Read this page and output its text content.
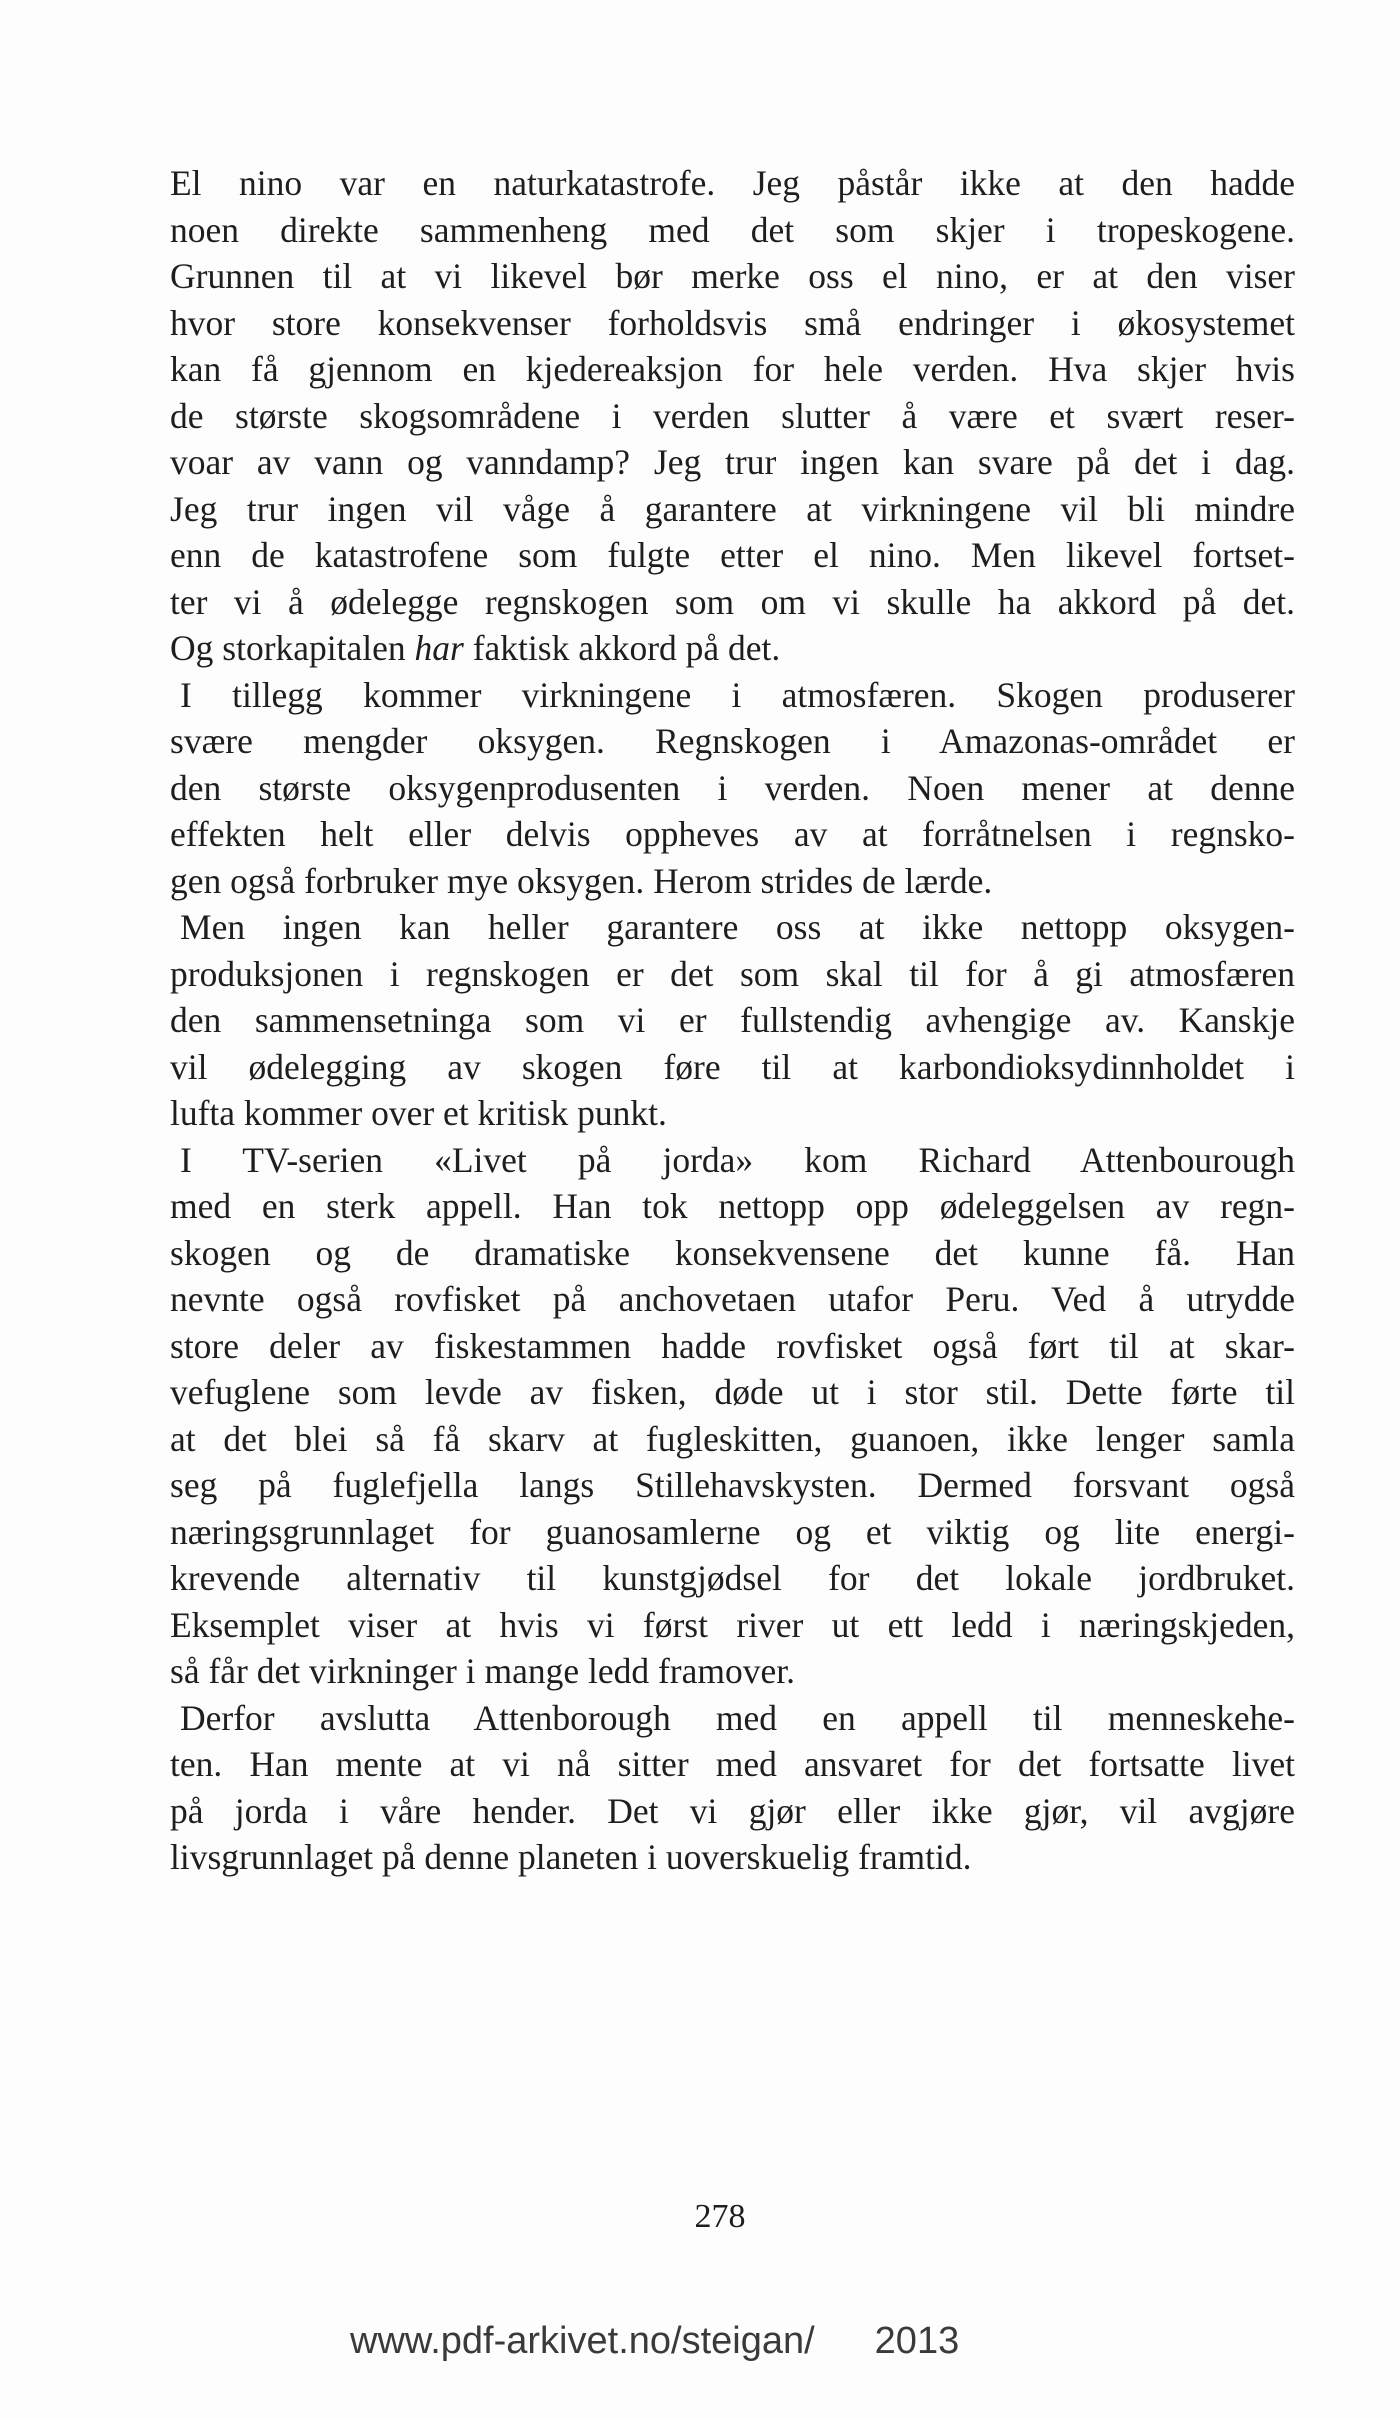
El nino var en naturkatastrofe. Jeg påstår ikke at den hadde
noen direkte sammenheng med det som skjer i tropeskogene.
Grunnen til at vi likevel bør merke oss el nino, er at den viser
hvor store konsekvenser forholdsvis små endringer i økosystemet
kan få gjennom en kjedereaksjon for hele verden. Hva skjer hvis
de største skogsområdene i verden slutter å være et svært reser-
voar av vann og vanndamp? Jeg trur ingen kan svare på det i dag.
Jeg trur ingen vil våge å garantere at virkningene vil bli mindre
enn de katastrofene som fulgte etter el nino. Men likevel fortset-
ter vi å ødelegge regnskogen som om vi skulle ha akkord på det.
Og storkapitalen har faktisk akkord på det.
I tillegg kommer virkningene i atmosfæren. Skogen produserer
svære mengder oksygen. Regnskogen i Amazonas-området er
den største oksygenprodusenten i verden. Noen mener at denne
effekten helt eller delvis oppheves av at forråtnelsen i regnsko-
gen også forbruker mye oksygen. Herom strides de lærde.
Men ingen kan heller garantere oss at ikke nettopp oksygen-
produksjonen i regnskogen er det som skal til for å gi atmosfæren
den sammensetninga som vi er fullstendig avhengige av. Kanskje
vil ødelegging av skogen føre til at karbondioksydinnholdet i
lufta kommer over et kritisk punkt.
I TV-serien «Livet på jorda» kom Richard Attenbourough
med en sterk appell. Han tok nettopp opp ødeleggelsen av regn-
skogen og de dramatiske konsekvensene det kunne få. Han
nevnte også rovfisket på anchovetaen utafor Peru. Ved å utrydde
store deler av fiskestammen hadde rovfisket også ført til at skar-
vefuglene som levde av fisken, døde ut i stor stil. Dette førte til
at det blei så få skarv at fugleskitten, guanoen, ikke lenger samla
seg på fuglefjella langs Stillehavskysten. Dermed forsvant også
næringsgrunnlaget for guanosamlerne og et viktig og lite energi-
krevende alternativ til kunstgjødsel for det lokale jordbruket.
Eksemplet viser at hvis vi først river ut ett ledd i næringskjeden,
så får det virkninger i mange ledd framover.
Derfor avslutta Attenborough med en appell til menneskehe-
ten. Han mente at vi nå sitter med ansvaret for det fortsatte livet
på jorda i våre hender. Det vi gjør eller ikke gjør, vil avgjøre
livsgrunnlaget på denne planeten i uoverskuelig framtid.
278
www.pdf-arkivet.no/steigan/ 2013
